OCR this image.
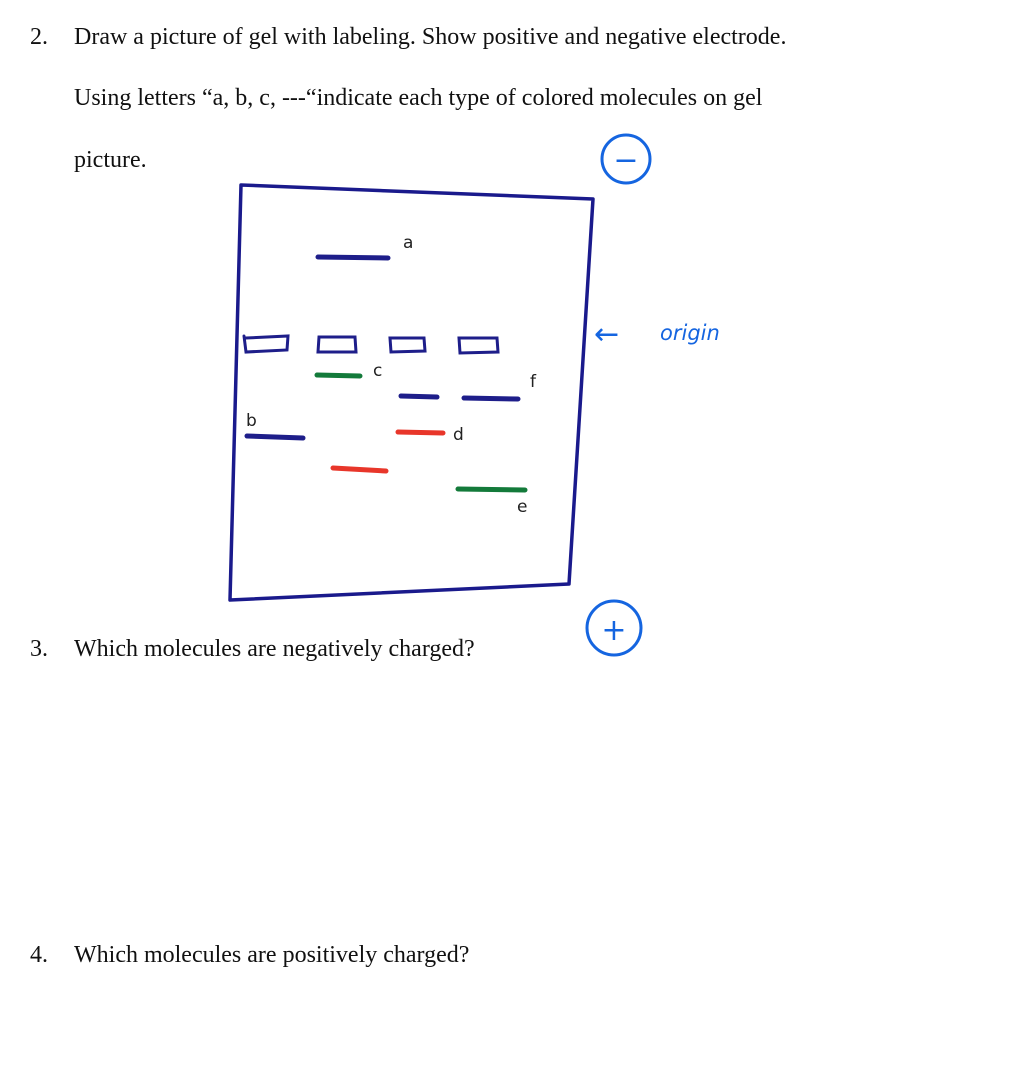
2. Draw a picture of gel with labeling. Show positive and negative electrode.
Using letters “a, b, c, ---“indicate each type of colored molecules on gel
picture.
3. Which molecules are negatively charged?
4. Which molecules are positively charged?
a
c
f
b
d
e
−
← origin
+
